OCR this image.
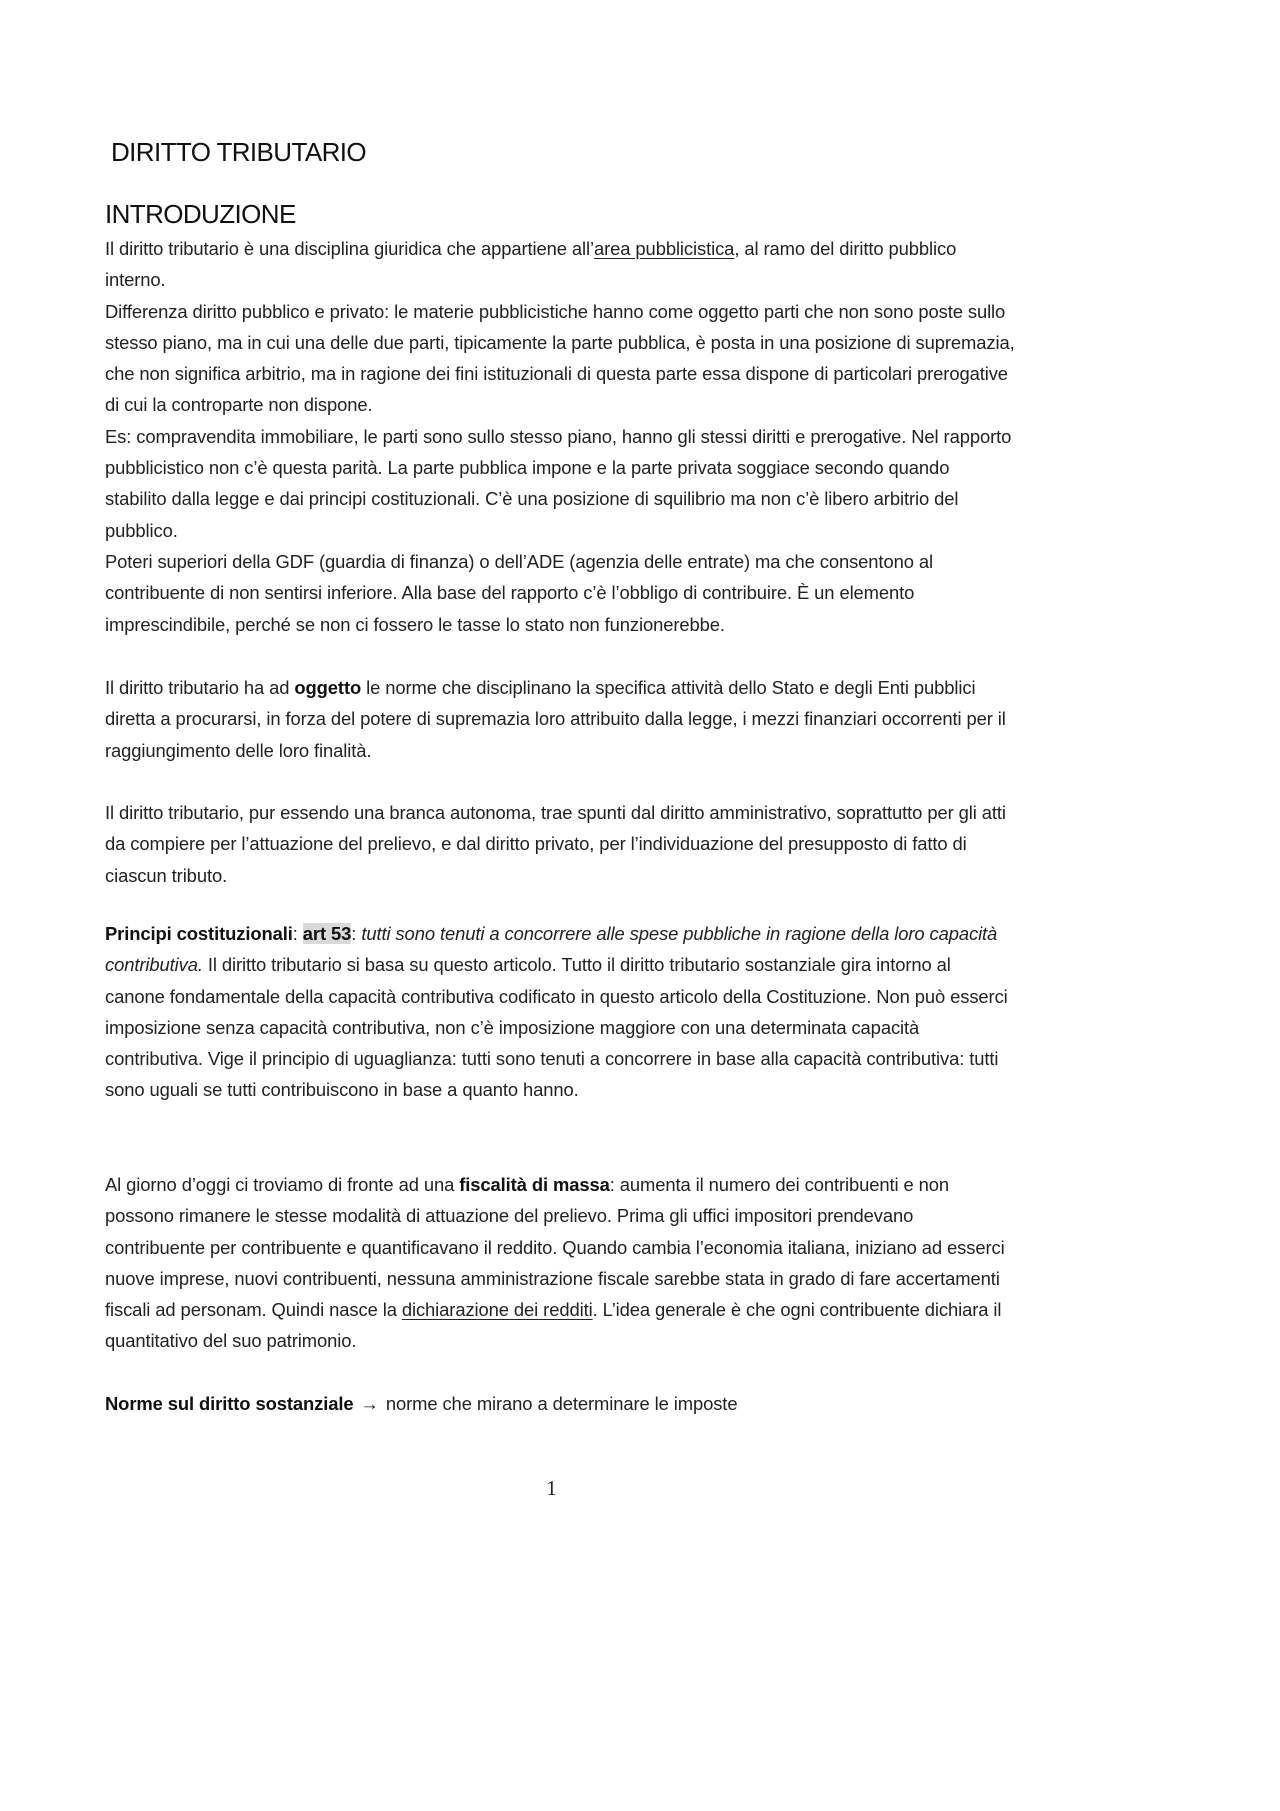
DIRITTO TRIBUTARIO
INTRODUZIONE

Il diritto tributario è una disciplina giuridica che appartiene all’area pubblicistica, al ramo del diritto pubblico interno.
Differenza diritto pubblico e privato: le materie pubblicistiche hanno come oggetto parti che non sono poste sullo stesso piano, ma in cui una delle due parti, tipicamente la parte pubblica, è posta in una posizione di supremazia, che non significa arbitrio, ma in ragione dei fini istituzionali di questa parte essa dispone di particolari prerogative di cui la controparte non dispone.
Es: compravendita immobiliare, le parti sono sullo stesso piano, hanno gli stessi diritti e prerogative. Nel rapporto pubblicistico non c’è questa parità. La parte pubblica impone e la parte privata soggiace secondo quando stabilito dalla legge e dai principi costituzionali. C’è una posizione di squilibrio ma non c’è libero arbitrio del pubblico.
Poteri superiori della GDF (guardia di finanza) o dell’ADE (agenzia delle entrate) ma che consentono al contribuente di non sentirsi inferiore. Alla base del rapporto c’è l’obbligo di contribuire. È un elemento imprescindibile, perché se non ci fossero le tasse lo stato non funzionerebbe.

Il diritto tributario ha ad oggetto le norme che disciplinano la specifica attività dello Stato e degli Enti pubblici diretta a procurarsi, in forza del potere di supremazia loro attribuito dalla legge, i mezzi finanziari occorrenti per il raggiungimento delle loro finalità.

Il diritto tributario, pur essendo una branca autonoma, trae spunti dal diritto amministrativo, soprattutto per gli atti da compiere per l’attuazione del prelievo, e dal diritto privato, per l’individuazione del presupposto di fatto di ciascun tributo.

Principi costituzionali: art 53: tutti sono tenuti a concorrere alle spese pubbliche in ragione della loro capacità contributiva. Il diritto tributario si basa su questo articolo. Tutto il diritto tributario sostanziale gira intorno al canone fondamentale della capacità contributiva codificato in questo articolo della Costituzione. Non può esserci imposizione senza capacità contributiva, non c’è imposizione maggiore con una determinata capacità contributiva. Vige il principio di uguaglianza: tutti sono tenuti a concorrere in base alla capacità contributiva: tutti sono uguali se tutti contribuiscono in base a quanto hanno.

Al giorno d’oggi ci troviamo di fronte ad una fiscalità di massa: aumenta il numero dei contribuenti e non possono rimanere le stesse modalità di attuazione del prelievo. Prima gli uffici impositori prendevano contribuente per contribuente e quantificavano il reddito. Quando cambia l’economia italiana, iniziano ad esserci nuove imprese, nuovi contribuenti, nessuna amministrazione fiscale sarebbe stata in grado di fare accertamenti fiscali ad personam. Quindi nasce la dichiarazione dei redditi. L’idea generale è che ogni contribuente dichiara il quantitativo del suo patrimonio.

Norme sul diritto sostanziale → norme che mirano a determinare le imposte

1
